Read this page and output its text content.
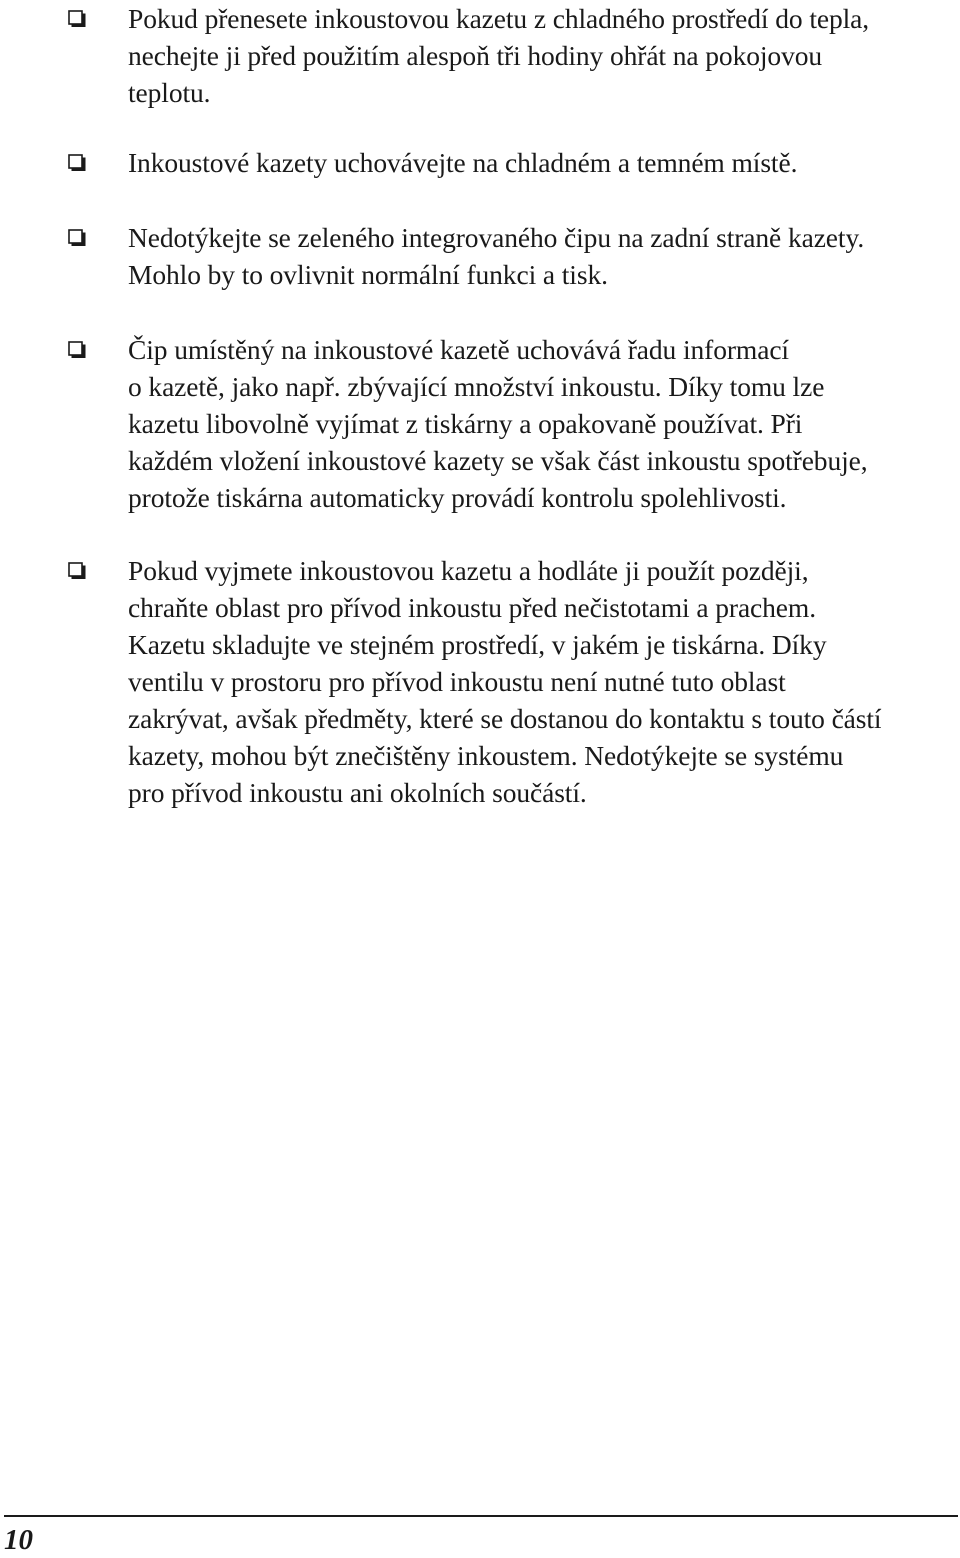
Pokud přenesete inkoustovou kazetu z chladného prostředí do tepla,
nechejte ji před použitím alespoň tři hodiny ohřát na pokojovou
teplotu.
Inkoustové kazety uchovávejte na chladném a temném místě.
Nedotýkejte se zeleného integrovaného čipu na zadní straně kazety.
Mohlo by to ovlivnit normální funkci a tisk.
Čip umístěný na inkoustové kazetě uchovává řadu informací
o kazetě, jako např. zbývající množství inkoustu. Díky tomu lze
kazetu libovolně vyjímat z tiskárny a opakovaně používat. Při
každém vložení inkoustové kazety se však část inkoustu spotřebuje,
protože tiskárna automaticky provádí kontrolu spolehlivosti.
Pokud vyjmete inkoustovou kazetu a hodláte ji použít později,
chraňte oblast pro přívod inkoustu před nečistotami a prachem.
Kazetu skladujte ve stejném prostředí, v jakém je tiskárna. Díky
ventilu v prostoru pro přívod inkoustu není nutné tuto oblast
zakrývat, avšak předměty, které se dostanou do kontaktu s touto částí
kazety, mohou být znečištěny inkoustem. Nedotýkejte se systému
pro přívod inkoustu ani okolních součástí.
10
